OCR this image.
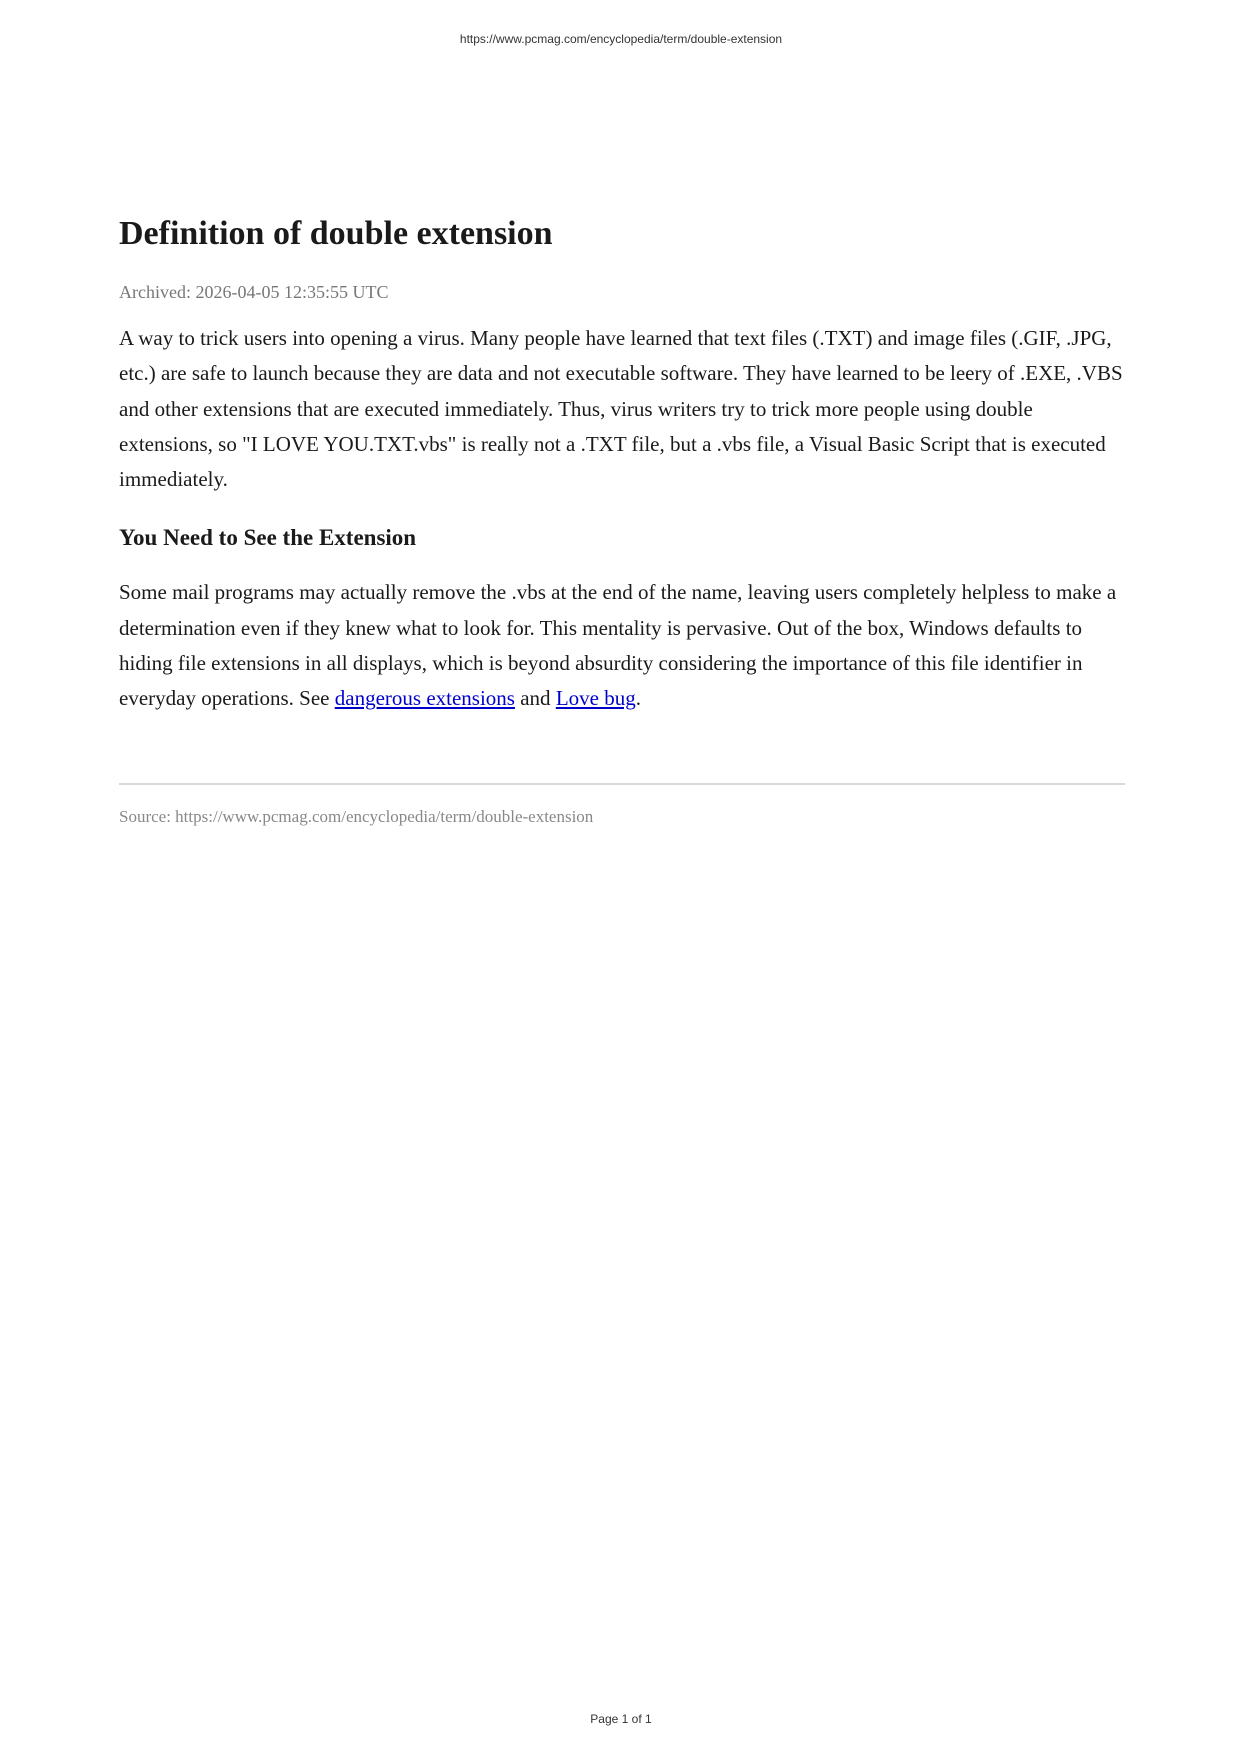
https://www.pcmag.com/encyclopedia/term/double-extension
Definition of double extension
Archived: 2026-04-05 12:35:55 UTC

A way to trick users into opening a virus. Many people have learned that text files (.TXT) and image files (.GIF, .JPG, etc.) are safe to launch because they are data and not executable software. They have learned to be leery of .EXE, .VBS and other extensions that are executed immediately. Thus, virus writers try to trick more people using double extensions, so "I LOVE YOU.TXT.vbs" is really not a .TXT file, but a .vbs file, a Visual Basic Script that is executed immediately.

You Need to See the Extension

Some mail programs may actually remove the .vbs at the end of the name, leaving users completely helpless to make a determination even if they knew what to look for. This mentality is pervasive. Out of the box, Windows defaults to hiding file extensions in all displays, which is beyond absurdity considering the importance of this file identifier in everyday operations. See dangerous extensions and Love bug.

Source: https://www.pcmag.com/encyclopedia/term/double-extension
Page 1 of 1
